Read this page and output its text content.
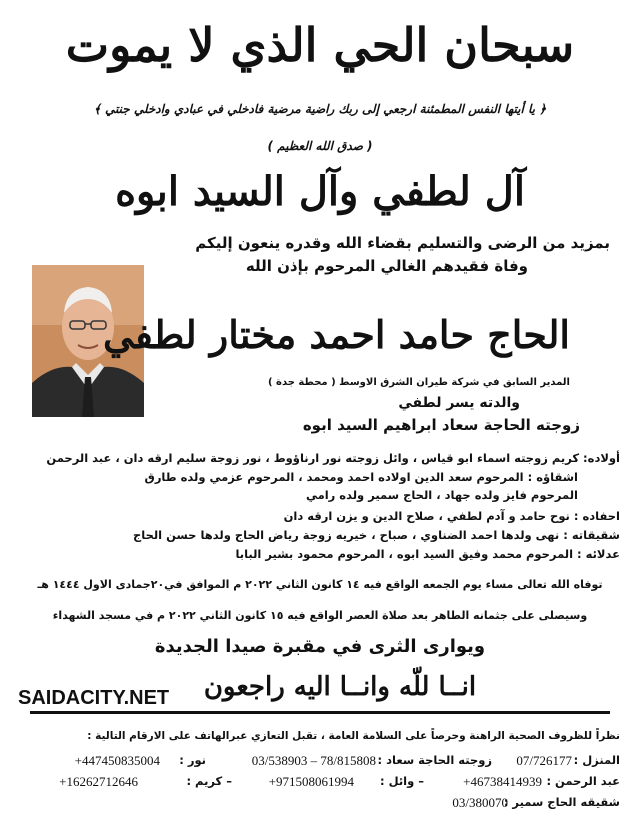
سبحان الحي الذي لا يموت
﴿ يا أيتها النفس المطمئنة ارجعي إلى ربك راضية مرضية فادخلي في عبادي وادخلي جنتي ﴾
( صدق الله العظيم )
آل لطفي وآل السيد ابوه
بمزيد من الرضى والتسليم بقضاء الله وقدره ينعون إليكم
وفاة فقيدهم الغالي المرحوم بإذن الله
الحاج حامد احمد مختار لطفي
المدير السابق في شركة طيران الشرق الاوسط ( محطة جدة )
والدته يسر لطفي
زوجته الحاجة سعاد ابراهيم السيد ابوه
أولاده: كريم زوجته اسماء ابو قياس ، وائل زوجته نور ارناؤوط ، نور زوجة سليم ارقه دان ، عبد الرحمن
اشقاؤه : المرحوم سعد الدين اولاده احمد ومحمد ، المرحوم عزمي ولده طارق
المرحوم فايز ولده جهاد ، الحاج سمير ولده رامي
احفاده : نوح حامد و آدم لطفي ، صلاح الدين و يزن ارقه دان
شقيقاته : نهى ولدها احمد الضناوي ، صباح ، خيريه زوجة رياض الحاج ولدها حسن الحاج
عدلائه : المرحوم محمد وفيق السيد ابوه ، المرحوم محمود بشير البابا
توفاه الله تعالى مساء يوم الجمعه الواقع فيه ١٤ كانون الثاني ٢٠٢٢ م الموافق في٢٠جمادى الاول ١٤٤٤ هـ
وسيصلى على جثمانه الطاهر بعد صلاة العصر الواقع فيه ١٥ كانون الثاني ٢٠٢٢ م في مسجد الشهداء
ويوارى الثرى في مقبرة صيدا الجديدة
انــا للّه وانــا اليه راجعون
SAIDACITY.NET
نظراً للظروف الصحية الراهنة وحرصاً على السلامة العامة ، تقبل التعازي عبرالهاتف على الارقام التالية :
المنزل :
07/726177
زوجته الحاجة سعاد :
03/538903 – 78/815808
نور :
+447450835004
عبد الرحمن :
+46738414939
– وائل :
+971508061994
– كريم :
+16262712646
شقيقه الحاج سمير :
03/380070
